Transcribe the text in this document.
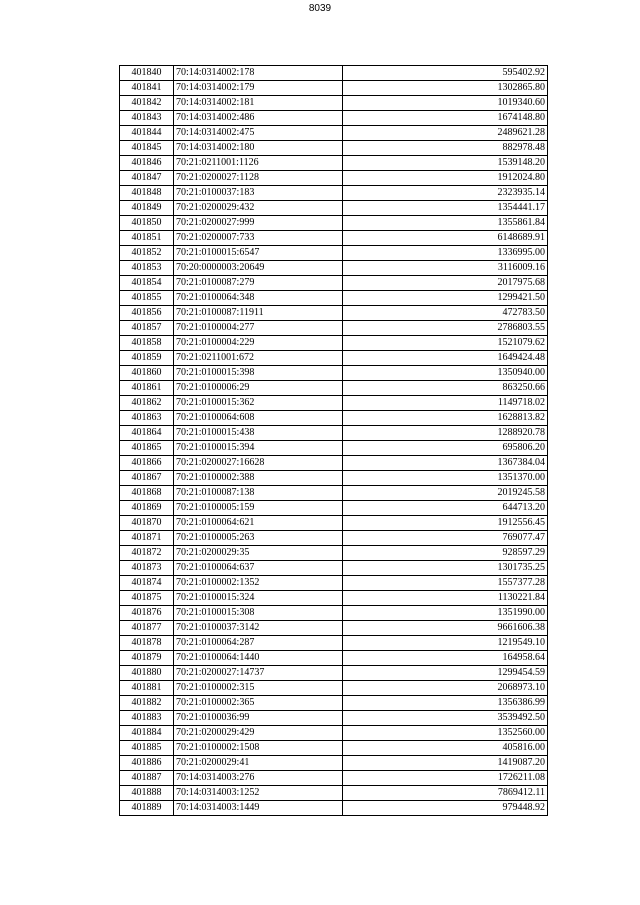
8039
401840	70:14:0314002:178	595402.92
401841	70:14:0314002:179	1302865.80
401842	70:14:0314002:181	1019340.60
401843	70:14:0314002:486	1674148.80
401844	70:14:0314002:475	2489621.28
401845	70:14:0314002:180	882978.48
401846	70:21:0211001:1126	1539148.20
401847	70:21:0200027:1128	1912024.80
401848	70:21:0100037:183	2323935.14
401849	70:21:0200029:432	1354441.17
401850	70:21:0200027:999	1355861.84
401851	70:21:0200007:733	6148689.91
401852	70:21:0100015:6547	1336995.00
401853	70:20:0000003:20649	3116009.16
401854	70:21:0100087:279	2017975.68
401855	70:21:0100064:348	1299421.50
401856	70:21:0100087:11911	472783.50
401857	70:21:0100004:277	2786803.55
401858	70:21:0100004:229	1521079.62
401859	70:21:0211001:672	1649424.48
401860	70:21:0100015:398	1350940.00
401861	70:21:0100006:29	863250.66
401862	70:21:0100015:362	1149718.02
401863	70:21:0100064:608	1628813.82
401864	70:21:0100015:438	1288920.78
401865	70:21:0100015:394	695806.20
401866	70:21:0200027:16628	1367384.04
401867	70:21:0100002:388	1351370.00
401868	70:21:0100087:138	2019245.58
401869	70:21:0100005:159	644713.20
401870	70:21:0100064:621	1912556.45
401871	70:21:0100005:263	769077.47
401872	70:21:0200029:35	928597.29
401873	70:21:0100064:637	1301735.25
401874	70:21:0100002:1352	1557377.28
401875	70:21:0100015:324	1130221.84
401876	70:21:0100015:308	1351990.00
401877	70:21:0100037:3142	9661606.38
401878	70:21:0100064:287	1219549.10
401879	70:21:0100064:1440	164958.64
401880	70:21:0200027:14737	1299454.59
401881	70:21:0100002:315	2068973.10
401882	70:21:0100002:365	1356386.99
401883	70:21:0100036:99	3539492.50
401884	70:21:0200029:429	1352560.00
401885	70:21:0100002:1508	405816.00
401886	70:21:0200029:41	1419087.20
401887	70:14:0314003:276	1726211.08
401888	70:14:0314003:1252	7869412.11
401889	70:14:0314003:1449	979448.92
